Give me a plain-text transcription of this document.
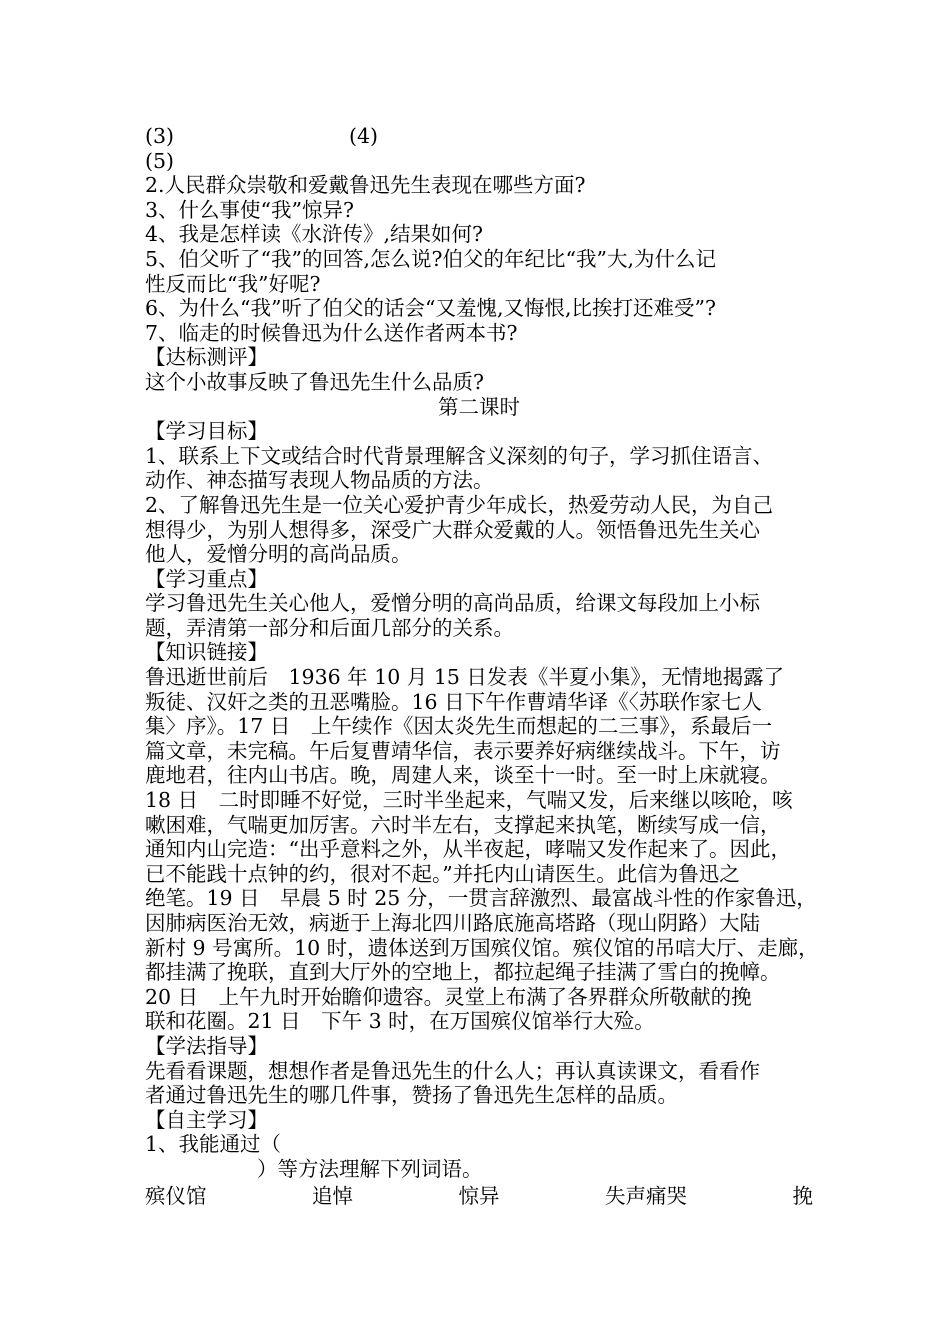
(3)	(4)
(5)
2.人民群众崇敬和爱戴鲁迅先生表现在哪些方面?
3、什么事使“我”惊异?
4、我是怎样读《水浒传》,结果如何?
5、伯父听了“我”的回答,怎么说?伯父的年纪比“我”大,为什么记
性反而比“我”好呢?
6、为什么“我”听了伯父的话会“又羞愧,又悔恨,比挨打还难受”?
7、临走的时候鲁迅为什么送作者两本书?
【达标测评】
这个小故事反映了鲁迅先生什么品质?
第二课时
【学习目标】
1、联系上下文或结合时代背景理解含义深刻的句子，学习抓住语言、
动作、神态描写表现人物品质的方法。
2、了解鲁迅先生是一位关心爱护青少年成长，热爱劳动人民，为自己
想得少，为别人想得多，深受广大群众爱戴的人。领悟鲁迅先生关心
他人，爱憎分明的高尚品质。
【学习重点】
学习鲁迅先生关心他人，爱憎分明的高尚品质，给课文每段加上小标
题，弄清第一部分和后面几部分的关系。
【知识链接】
鲁迅逝世前后　1936 年 10 月 15 日发表《半夏小集》，无情地揭露了
叛徒、汉奸之类的丑恶嘴脸。16 日下午作曹靖华译《〈苏联作家七人
集〉序》。17 日　上午续作《因太炎先生而想起的二三事》，系最后一
篇文章，未完稿。午后复曹靖华信，表示要养好病继续战斗。下午，访
鹿地君，往内山书店。晚，周建人来，谈至十一时。至一时上床就寝。
18 日　二时即睡不好觉，三时半坐起来，气喘又发，后来继以咳呛，咳
嗽困难，气喘更加厉害。六时半左右，支撑起来执笔，断续写成一信，
通知内山完造：“出乎意料之外，从半夜起，哮喘又发作起来了。因此，
已不能践十点钟的约，很对不起。”并托内山请医生。此信为鲁迅之
绝笔。19 日　早晨 5 时 25 分，一贯言辞激烈、最富战斗性的作家鲁迅，
因肺病医治无效，病逝于上海北四川路底施高塔路（现山阴路）大陆
新村 9 号寓所。10 时，遗体送到万国殡仪馆。殡仪馆的吊唁大厅、走廊，
都挂满了挽联，直到大厅外的空地上，都拉起绳子挂满了雪白的挽幛。
20 日　上午九时开始瞻仰遗容。灵堂上布满了各界群众所敬献的挽
联和花圈。21 日　下午 3 时，在万国殡仪馆举行大殓。
【学法指导】
先看看课题，想想作者是鲁迅先生的什么人；再认真读课文，看看作
者通过鲁迅先生的哪几件事，赞扬了鲁迅先生怎样的品质。
【自主学习】
1、我能通过（
）等方法理解下列词语。
殡仪馆	追悼	惊异	失声痛哭	挽
